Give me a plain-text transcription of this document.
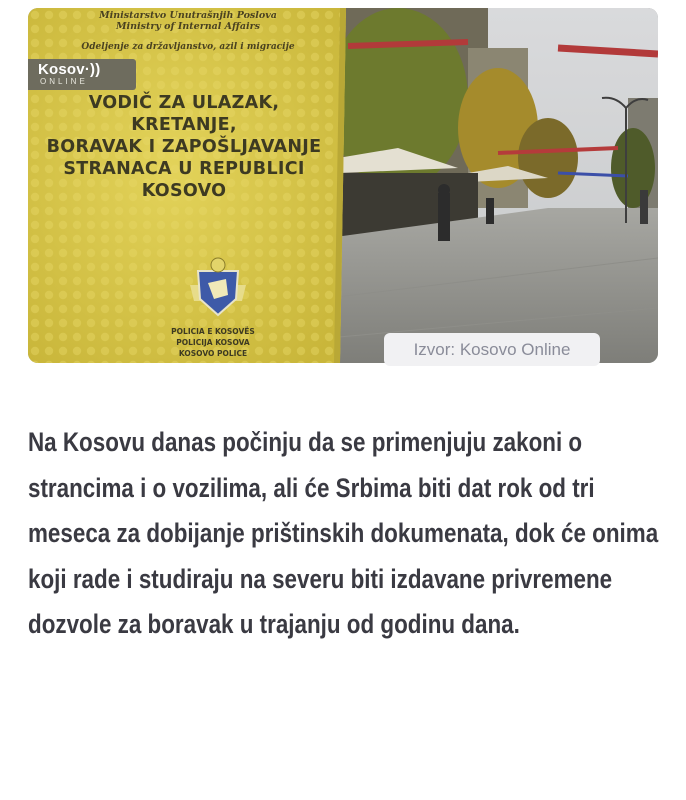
Ministarstvo Unutrašnjih Poslova
Ministry of Internal Affairs
Odeljenje za državljanstvo, azil i migracije
Kosov·))
ONLINE
VODIČ ZA ULAZAK, KRETANJE,
BORAVAK I ZAPOŠLJAVANJE
STRANACA U REPUBLICI
KOSOVO
POLICIA E KOSOVËS
POLICIJA KOSOVA
KOSOVO POLICE	Izvor: Kosovo Online

Na Kosovu danas počinju da se primenjuju zakoni o strancima i o vozilima, ali će Srbima biti dat rok od tri meseca za dobijanje prištinskih dokumenata, dok će onima koji rade i studiraju na severu biti izdavane privremene dozvole za boravak u trajanju od godinu dana.
